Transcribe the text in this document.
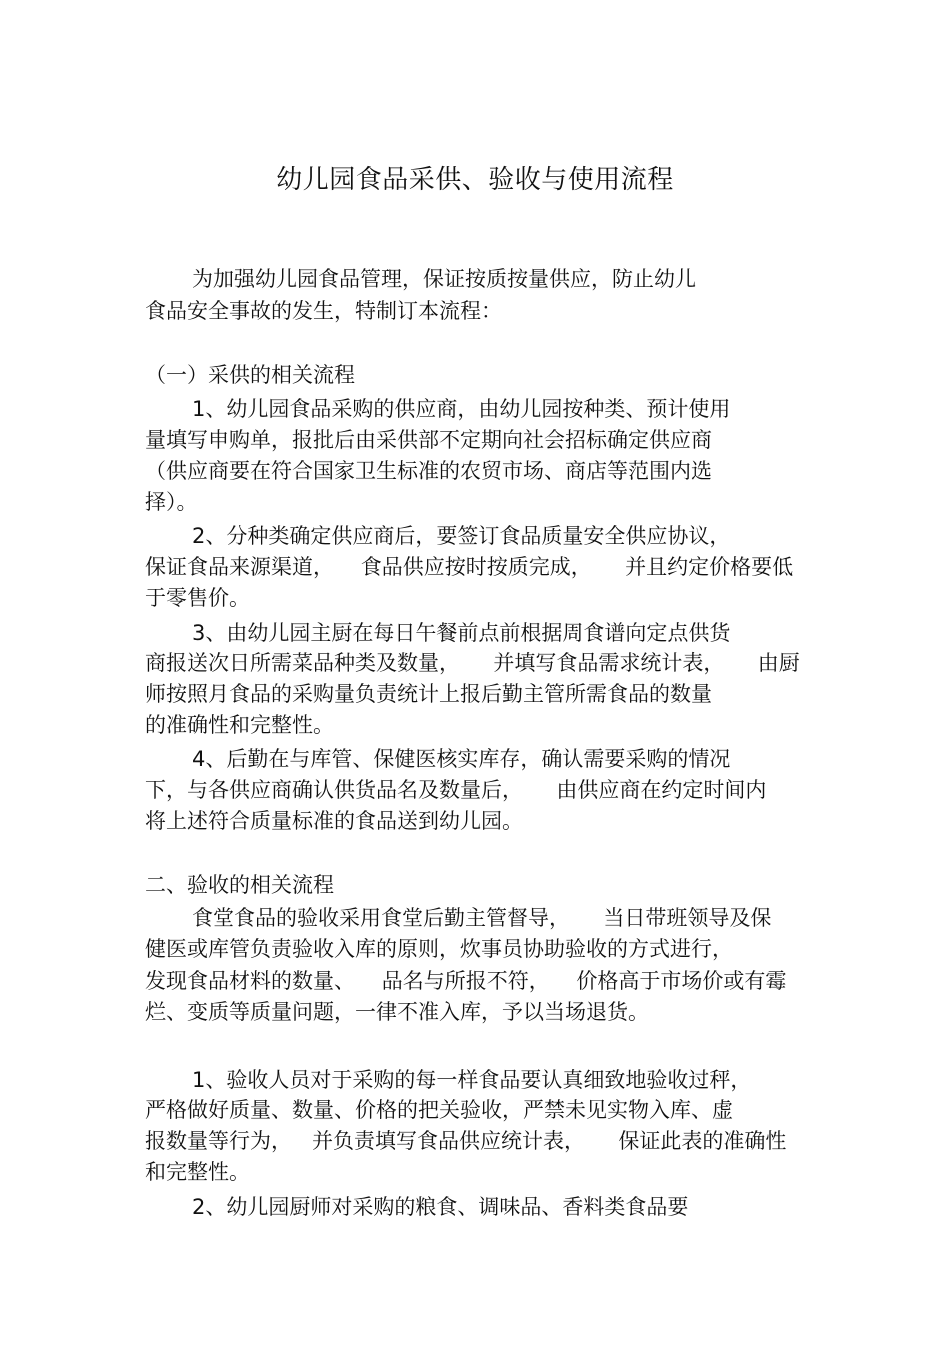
幼儿园食品采供、验收与使用流程
为加强幼儿园食品管理，保证按质按量供应，防止幼儿
食品安全事故的发生，特制订本流程：
（一）采供的相关流程
1、幼儿园食品采购的供应商，由幼儿园按种类、预计使用
量填写申购单，报批后由采供部不定期向社会招标确定供应商
（供应商要在符合国家卫生标准的农贸市场、商店等范围内选
择）。
2、分种类确定供应商后，要签订食品质量安全供应协议，
保证食品来源渠道，    食品供应按时按质完成，     并且约定价格要低
于零售价。
3、由幼儿园主厨在每日午餐前点前根据周食谱向定点供货
商报送次日所需菜品种类及数量，     并填写食品需求统计表，     由厨
师按照月食品的采购量负责统计上报后勤主管所需食品的数量
的准确性和完整性。
4、后勤在与库管、保健医核实库存，确认需要采购的情况
下，与各供应商确认供货品名及数量后，     由供应商在约定时间内
将上述符合质量标准的食品送到幼儿园。
二、验收的相关流程
食堂食品的验收采用食堂后勤主管督导，     当日带班领导及保
健医或库管负责验收入库的原则，炊事员协助验收的方式进行，
发现食品材料的数量、    品名与所报不符，    价格高于市场价或有霉
烂、变质等质量问题，一律不准入库，予以当场退货。
1、验收人员对于采购的每一样食品要认真细致地验收过秤，
严格做好质量、数量、价格的把关验收，严禁未见实物入库、虚
报数量等行为，   并负责填写食品供应统计表，     保证此表的准确性
和完整性。
2、幼儿园厨师对采购的粮食、调味品、香料类食品要
